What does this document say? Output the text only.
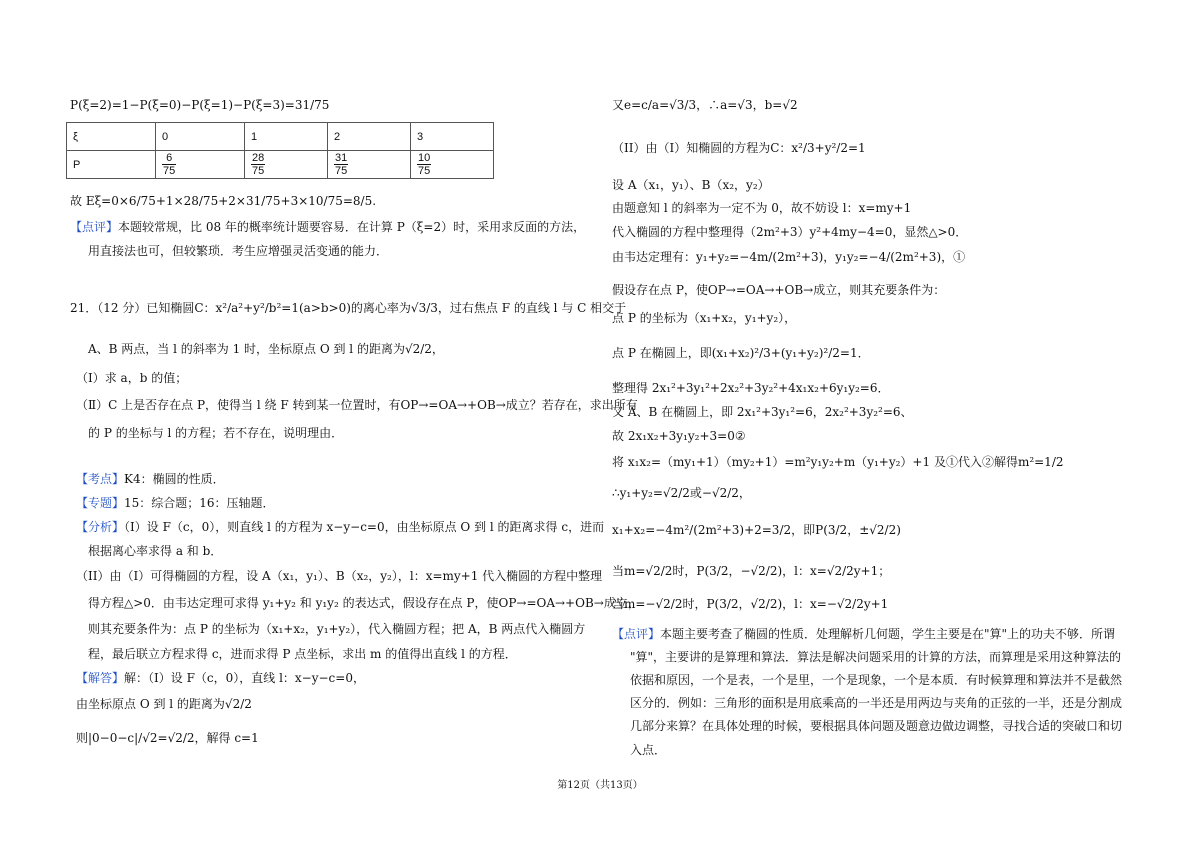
P(ξ=2)=1−P(ξ=0)−P(ξ=1)−P(ξ=3)=31/75
ξ	0	1	2	3
P	$\frac{6}{75}$	$\frac{28}{75}$	$\frac{31}{75}$	$\frac{10}{75}$
故 Eξ=0×6/75+1×28/75+2×31/75+3×10/75=8/5.
【点评】本题较常规，比 08 年的概率统计题要容易．在计算 P（ξ=2）时，采用求反面的方法，
用直接法也可，但较繁琐．考生应增强灵活变通的能力．
21．（12 分）已知椭圆C：x²/a²+y²/b²=1(a>b>0)的离心率为√3/3，过右焦点 F 的直线 l 与 C 相交于
A、B 两点，当 l 的斜率为 1 时，坐标原点 O 到 l 的距离为√2/2，
（Ⅰ）求 a，b 的值；
（Ⅱ）C 上是否存在点 P，使得当 l 绕 F 转到某一位置时，有OP→=OA→+OB→成立？若存在，求出所有
的 P 的坐标与 l 的方程；若不存在，说明理由．
【考点】K4：椭圆的性质．
【专题】15：综合题；16：压轴题．
【分析】（I）设 F（c，0），则直线 l 的方程为 x−y−c=0，由坐标原点 O 到 l 的距离求得 c，进而
根据离心率求得 a 和 b．
（II）由（I）可得椭圆的方程，设 A（x₁，y₁）、B（x₂，y₂），l：x=my+1 代入椭圆的方程中整理
得方程△>0．由韦达定理可求得 y₁+y₂ 和 y₁y₂ 的表达式，假设存在点 P，使OP→=OA→+OB→成立，
则其充要条件为：点 P 的坐标为（x₁+x₂，y₁+y₂），代入椭圆方程；把 A，B 两点代入椭圆方
程，最后联立方程求得 c，进而求得 P 点坐标，求出 m 的值得出直线 l 的方程．
【解答】解：（I）设 F（c，0），直线 l：x−y−c=0，
由坐标原点 O 到 l 的距离为√2/2
则|0−0−c|/√2=√2/2，解得 c=1
又e=c/a=√3/3，∴a=√3，b=√2
（II）由（I）知椭圆的方程为C：x²/3+y²/2=1
设 A（x₁，y₁）、B（x₂，y₂）
由题意知 l 的斜率为一定不为 0，故不妨设 l：x=my+1
代入椭圆的方程中整理得（2m²+3）y²+4my−4=0，显然△>0．
由韦达定理有：y₁+y₂=−4m/(2m²+3)，y₁y₂=−4/(2m²+3)，①
假设存在点 P，使OP→=OA→+OB→成立，则其充要条件为：
点 P 的坐标为（x₁+x₂，y₁+y₂），
点 P 在椭圆上，即(x₁+x₂)²/3+(y₁+y₂)²/2=1．
整理得 2x₁²+3y₁²+2x₂²+3y₂²+4x₁x₂+6y₁y₂=6．
又 A、B 在椭圆上，即 2x₁²+3y₁²=6，2x₂²+3y₂²=6、
故 2x₁x₂+3y₁y₂+3=0②
将 x₁x₂=（my₁+1）（my₂+1）=m²y₁y₂+m（y₁+y₂）+1 及①代入②解得m²=1/2
∴y₁+y₂=√2/2或−√2/2，
x₁+x₂=−4m²/(2m²+3)+2=3/2，即P(3/2，±√2/2)
当m=√2/2时，P(3/2，−√2/2)，l：x=√2/2y+1；
当m=−√2/2时，P(3/2，√2/2)，l：x=−√2/2y+1
【点评】本题主要考查了椭圆的性质．处理解析几何题，学生主要是在"算"上的功夫不够．所谓
"算"，主要讲的是算理和算法．算法是解决问题采用的计算的方法，而算理是采用这种算法的
依据和原因，一个是表，一个是里，一个是现象，一个是本质．有时候算理和算法并不是截然
区分的．例如：三角形的面积是用底乘高的一半还是用两边与夹角的正弦的一半，还是分割成
几部分来算？在具体处理的时候，要根据具体问题及题意边做边调整，寻找合适的突破口和切
入点．
第12页（共13页）
